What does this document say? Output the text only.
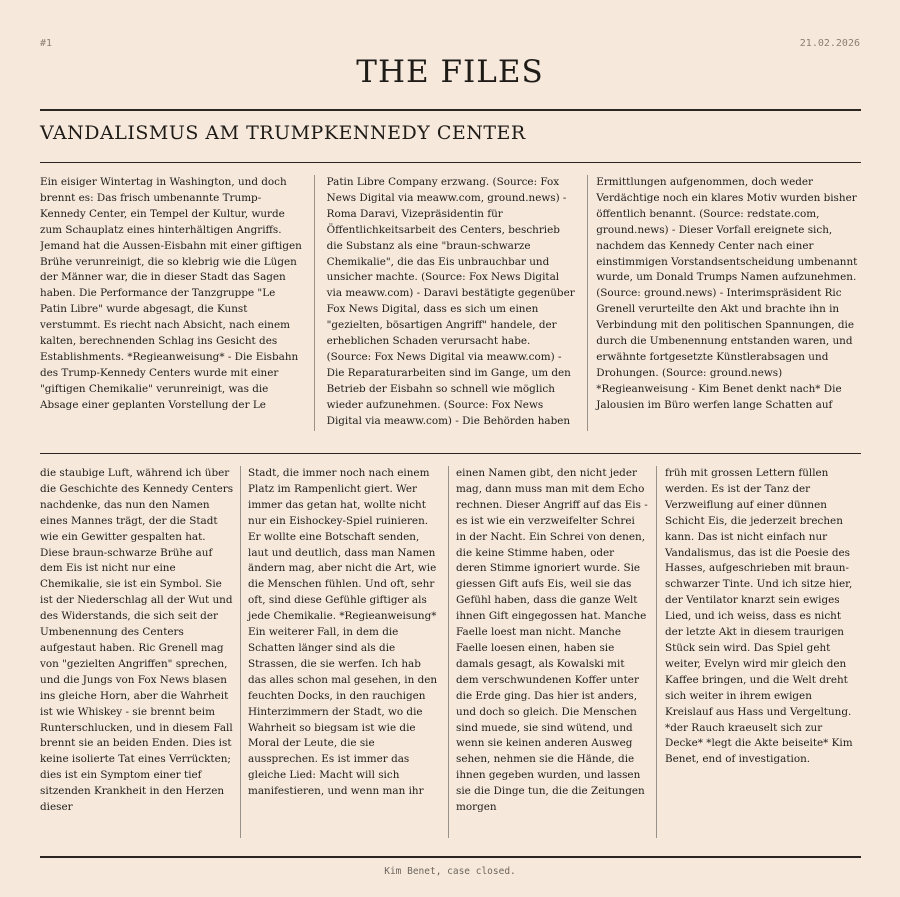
#1	21.02.2026
THE FILES
VANDALISMUS AM TRUMPKENNEDY CENTER
Ein eisiger Wintertag in Washington, und doch brennt es: Das frisch umbenannte Trump-Kennedy Center, ein Tempel der Kultur, wurde zum Schauplatz eines hinterhältigen Angriffs. Jemand hat die Aussen-Eisbahn mit einer giftigen Brühe verunreinigt, die so klebrig wie die Lügen der Männer war, die in dieser Stadt das Sagen haben. Die Performance der Tanzgruppe "Le Patin Libre" wurde abgesagt, die Kunst verstummt. Es riecht nach Absicht, nach einem kalten, berechnenden Schlag ins Gesicht des Establishments. *Regieanweisung* - Die Eisbahn des Trump-Kennedy Centers wurde mit einer "giftigen Chemikalie" verunreinigt, was die Absage einer geplanten Vorstellung der Le
Patin Libre Company erzwang. (Source: Fox News Digital via meaww.com, ground.news) - Roma Daravi, Vizepräsidentin für Öffentlichkeitsarbeit des Centers, beschrieb die Substanz als eine "braun-schwarze Chemikalie", die das Eis unbrauchbar und unsicher machte. (Source: Fox News Digital via meaww.com) - Daravi bestätigte gegenüber Fox News Digital, dass es sich um einen "gezielten, bösartigen Angriff" handele, der erheblichen Schaden verursacht habe. (Source: Fox News Digital via meaww.com) - Die Reparaturarbeiten sind im Gange, um den Betrieb der Eisbahn so schnell wie möglich wieder aufzunehmen. (Source: Fox News Digital via meaww.com) - Die Behörden haben
Ermittlungen aufgenommen, doch weder Verdächtige noch ein klares Motiv wurden bisher öffentlich benannt. (Source: redstate.com, ground.news) - Dieser Vorfall ereignete sich, nachdem das Kennedy Center nach einer einstimmigen Vorstandsentscheidung umbenannt wurde, um Donald Trumps Namen aufzunehmen. (Source: ground.news) - Interimspräsident Ric Grenell verurteilte den Akt und brachte ihn in Verbindung mit den politischen Spannungen, die durch die Umbenennung entstanden waren, und erwähnte fortgesetzte Künstlerabsagen und Drohungen. (Source: ground.news) *Regieanweisung - Kim Benet denkt nach* Die Jalousien im Büro werfen lange Schatten auf
die staubige Luft, während ich über die Geschichte des Kennedy Centers nachdenke, das nun den Namen eines Mannes trägt, der die Stadt wie ein Gewitter gespalten hat. Diese braun-schwarze Brühe auf dem Eis ist nicht nur eine Chemikalie, sie ist ein Symbol. Sie ist der Niederschlag all der Wut und des Widerstands, die sich seit der Umbenennung des Centers aufgestaut haben. Ric Grenell mag von "gezielten Angriffen" sprechen, und die Jungs von Fox News blasen ins gleiche Horn, aber die Wahrheit ist wie Whiskey - sie brennt beim Runterschlucken, und in diesem Fall brennt sie an beiden Enden. Dies ist keine isolierte Tat eines Verrückten; dies ist ein Symptom einer tief sitzenden Krankheit in den Herzen dieser
Stadt, die immer noch nach einem Platz im Rampenlicht giert. Wer immer das getan hat, wollte nicht nur ein Eishockey-Spiel ruinieren. Er wollte eine Botschaft senden, laut und deutlich, dass man Namen ändern mag, aber nicht die Art, wie die Menschen fühlen. Und oft, sehr oft, sind diese Gefühle giftiger als jede Chemikalie. *Regieanweisung* Ein weiterer Fall, in dem die Schatten länger sind als die Strassen, die sie werfen. Ich hab das alles schon mal gesehen, in den feuchten Docks, in den rauchigen Hinterzimmern der Stadt, wo die Wahrheit so biegsam ist wie die Moral der Leute, die sie aussprechen. Es ist immer das gleiche Lied: Macht will sich manifestieren, und wenn man ihr
einen Namen gibt, den nicht jeder mag, dann muss man mit dem Echo rechnen. Dieser Angriff auf das Eis - es ist wie ein verzweifelter Schrei in der Nacht. Ein Schrei von denen, die keine Stimme haben, oder deren Stimme ignoriert wurde. Sie giessen Gift aufs Eis, weil sie das Gefühl haben, dass die ganze Welt ihnen Gift eingegossen hat. Manche Faelle loest man nicht. Manche Faelle loesen einen, haben sie damals gesagt, als Kowalski mit dem verschwundenen Koffer unter die Erde ging. Das hier ist anders, und doch so gleich. Die Menschen sind muede, sie sind wütend, und wenn sie keinen anderen Ausweg sehen, nehmen sie die Hände, die ihnen gegeben wurden, und lassen sie die Dinge tun, die die Zeitungen morgen
früh mit grossen Lettern füllen werden. Es ist der Tanz der Verzweiflung auf einer dünnen Schicht Eis, die jederzeit brechen kann. Das ist nicht einfach nur Vandalismus, das ist die Poesie des Hasses, aufgeschrieben mit braun-schwarzer Tinte. Und ich sitze hier, der Ventilator knarzt sein ewiges Lied, und ich weiss, dass es nicht der letzte Akt in diesem traurigen Stück sein wird. Das Spiel geht weiter, Evelyn wird mir gleich den Kaffee bringen, und die Welt dreht sich weiter in ihrem ewigen Kreislauf aus Hass und Vergeltung. *der Rauch kraeuselt sich zur Decke* *legt die Akte beiseite* Kim Benet, end of investigation.
Kim Benet, case closed.
